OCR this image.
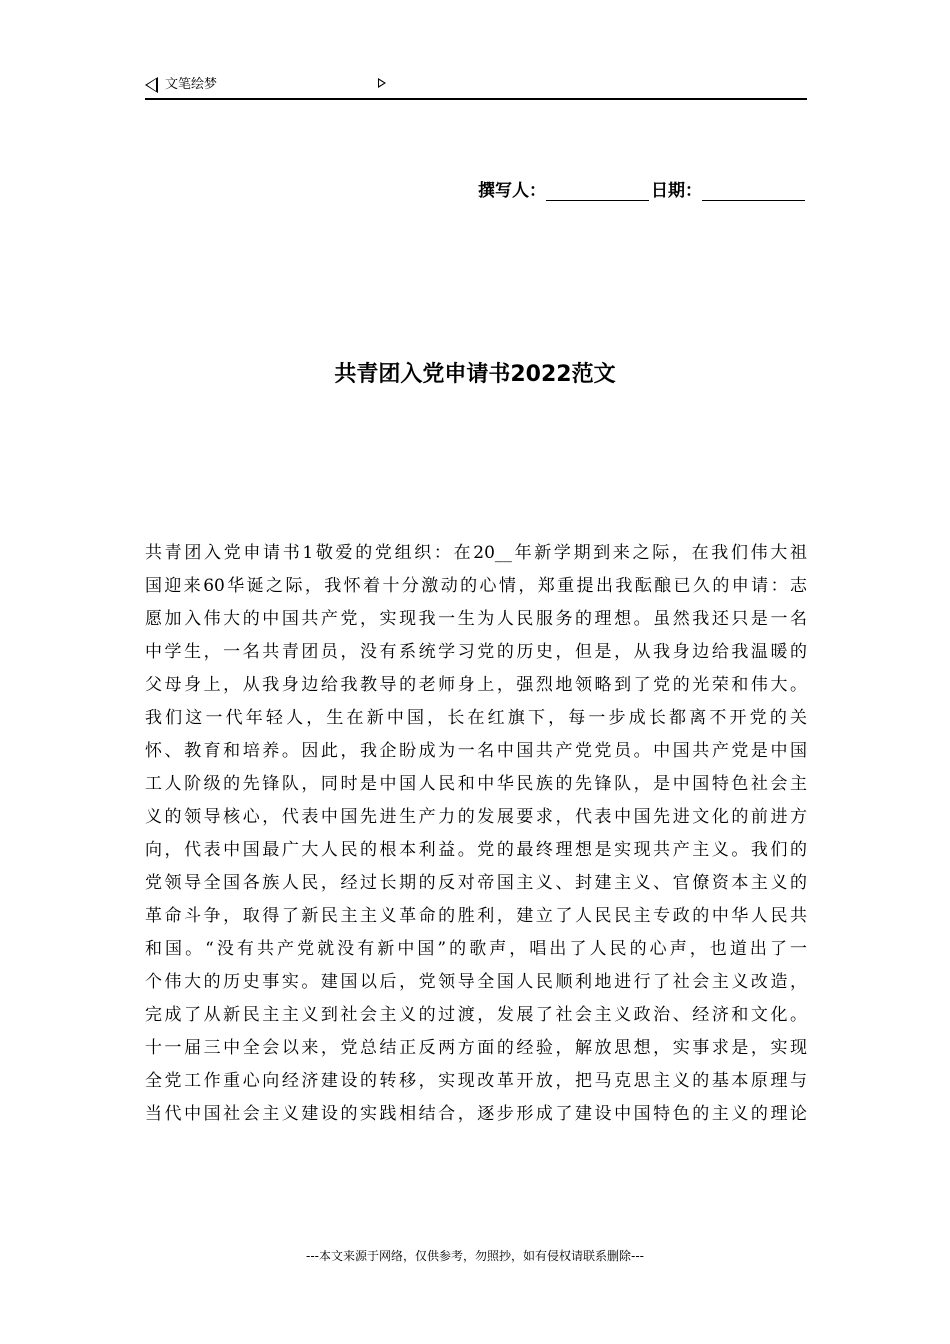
文笔绘梦
撰写人：	日期：
共青团入党申请书2022范文
共青团入党申请书1敬爱的党组织：在20__年新学期到来之际，在我们伟大祖
国迎来60华诞之际，我怀着十分激动的心情，郑重提出我酝酿已久的申请：志
愿加入伟大的中国共产党，实现我一生为人民服务的理想。虽然我还只是一名
中学生，一名共青团员，没有系统学习党的历史，但是，从我身边给我温暖的
父母身上，从我身边给我教导的老师身上，强烈地领略到了党的光荣和伟大。
我们这一代年轻人，生在新中国，长在红旗下，每一步成长都离不开党的关
怀、教育和培养。因此，我企盼成为一名中国共产党党员。中国共产党是中国
工人阶级的先锋队，同时是中国人民和中华民族的先锋队，是中国特色社会主
义的领导核心，代表中国先进生产力的发展要求，代表中国先进文化的前进方
向，代表中国最广大人民的根本利益。党的最终理想是实现共产主义。我们的
党领导全国各族人民，经过长期的反对帝国主义、封建主义、官僚资本主义的
革命斗争，取得了新民主主义革命的胜利，建立了人民民主专政的中华人民共
和国。“没有共产党就没有新中国”的歌声，唱出了人民的心声，也道出了一
个伟大的历史事实。建国以后，党领导全国人民顺利地进行了社会主义改造，
完成了从新民主主义到社会主义的过渡，发展了社会主义政治、经济和文化。
十一届三中全会以来，党总结正反两方面的经验，解放思想，实事求是，实现
全党工作重心向经济建设的转移，实现改革开放，把马克思主义的基本原理与
当代中国社会主义建设的实践相结合，逐步形成了建设中国特色的主义的理论
---本文来源于网络，仅供参考，勿照抄，如有侵权请联系删除---
